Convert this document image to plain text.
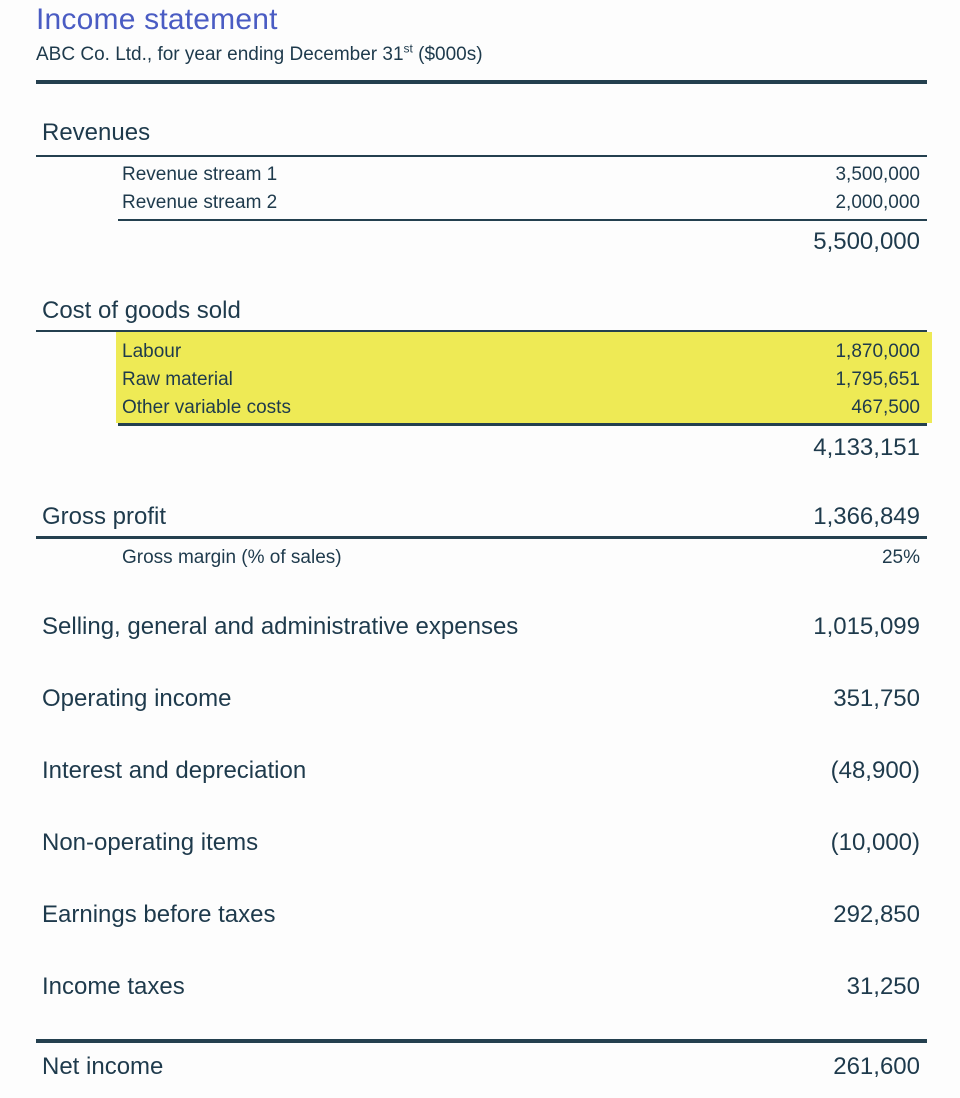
Income statement
ABC Co. Ltd., for year ending December 31st ($000s)
Revenues
Revenue stream 1	3,500,000
Revenue stream 2	2,000,000
5,500,000
Cost of goods sold
Labour	1,870,000
Raw material	1,795,651
Other variable costs	467,500
4,133,151
Gross profit	1,366,849
Gross margin (% of sales)	25%
Selling, general and administrative expenses	1,015,099
Operating income	351,750
Interest and depreciation	(48,900)
Non-operating items	(10,000)
Earnings before taxes	292,850
Income taxes	31,250
Net income	261,600
